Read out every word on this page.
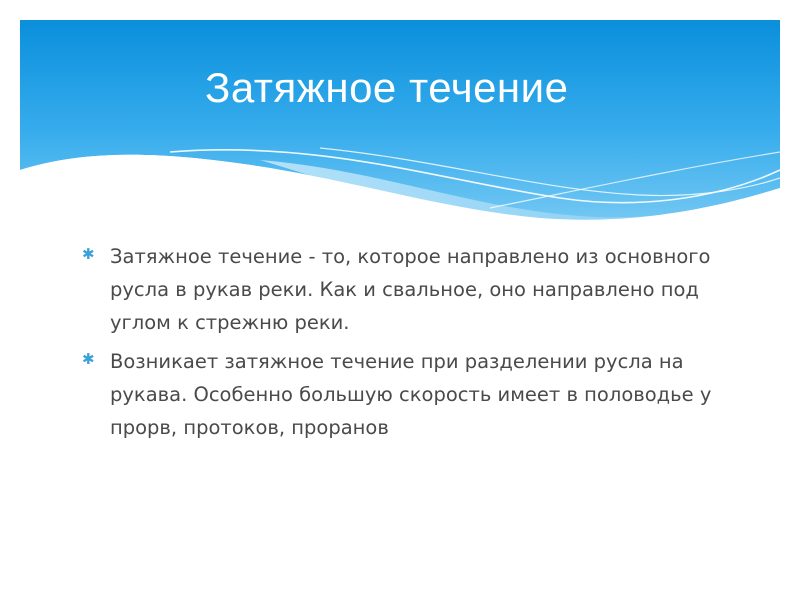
Затяжное течение
✱ Затяжное течение - то, которое направлено из основного русла в рукав реки. Как и свальное, оно направлено под углом к стрежню реки.
✱ Возникает затяжное течение при разделении русла на рукава. Особенно большую скорость имеет в половодье у прорв, протоков, проранов
